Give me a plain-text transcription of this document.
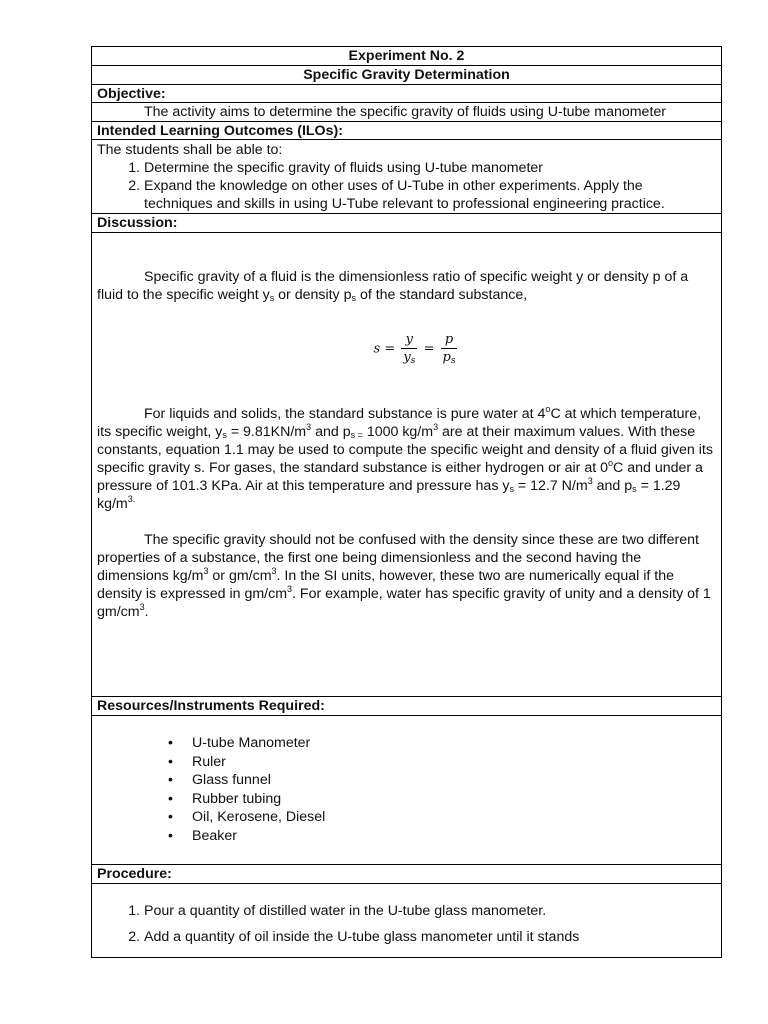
Experiment No. 2
Specific Gravity Determination
Objective:
The activity aims to determine the specific gravity of fluids using U-tube manometer
Intended Learning Outcomes (ILOs):
The students shall be able to:
1. Determine the specific gravity of fluids using U-tube manometer
2. Expand the knowledge on other uses of U-Tube in other experiments. Apply the techniques and skills in using U-Tube relevant to professional engineering practice.
Discussion:

Specific gravity of a fluid is the dimensionless ratio of specific weight y or density p of a fluid to the specific weight $y_s$ or density $p_s$ of the standard substance,

$s = \frac{y}{y_s} = \frac{p}{p_s}$

For liquids and solids, the standard substance is pure water at 4$^o$C at which temperature, its specific weight, $y_s = 9.81KN/m^3$ and $p_{s =}$ 1000 $kg/m^3$ are at their maximum values. With these constants, equation 1.1 may be used to compute the specific weight and density of a fluid given its specific gravity s. For gases, the standard substance is either hydrogen or air at 0$^o$C and under a pressure of 101.3 KPa. Air at this temperature and pressure has $y_s = 12.7$ $N/m^3$ and $p_s = 1.29$ $kg/m^{3.}$

The specific gravity should not be confused with the density since these are two different properties of a substance, the first one being dimensionless and the second having the dimensions $kg/m^3$ or $gm/cm^3$. In the SI units, however, these two are numerically equal if the density is expressed in $gm/cm^3$. For example, water has specific gravity of unity and a density of 1 $gm/cm^3$.

Resources/Instruments Required:
• U-tube Manometer
• Ruler
• Glass funnel
• Rubber tubing
• Oil, Kerosene, Diesel
• Beaker
Procedure:
1. Pour a quantity of distilled water in the U-tube glass manometer.
2. Add a quantity of oil inside the U-tube glass manometer until it stands
